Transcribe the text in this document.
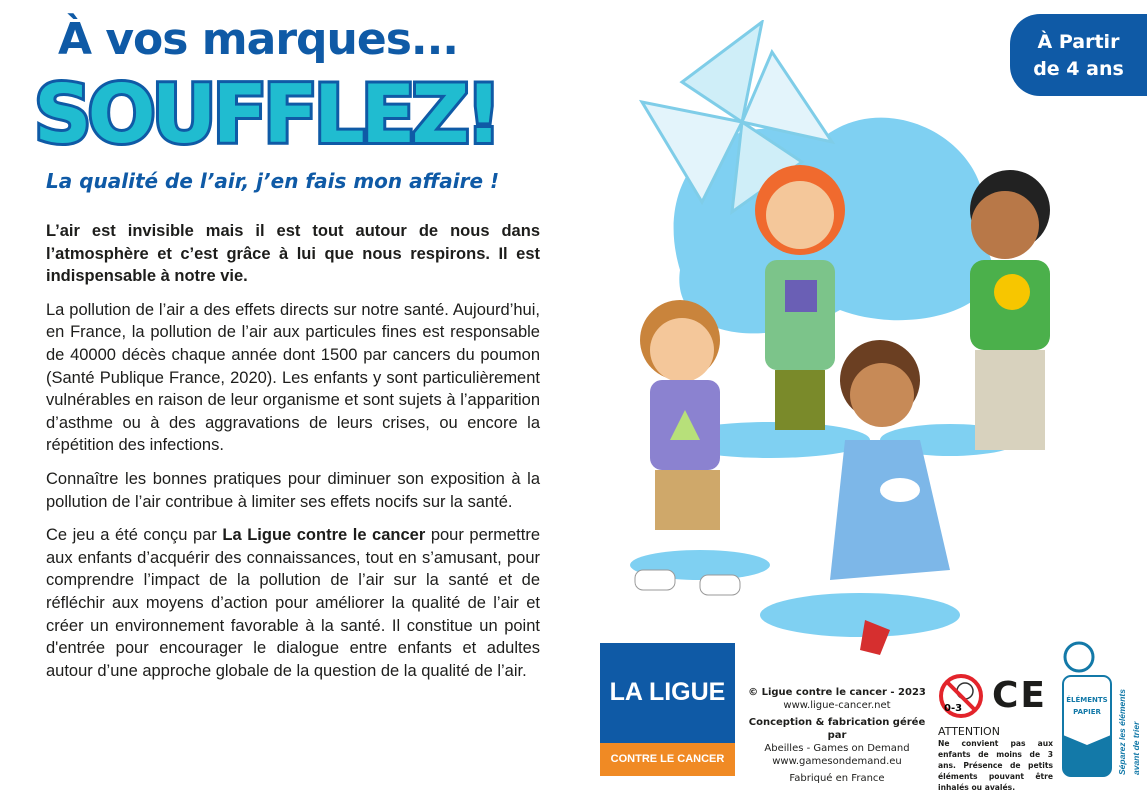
À vos marques...
SOUFFLEZ!
La qualité de l’air, j’en fais mon affaire !

L’air est invisible mais il est tout autour de nous dans l’atmosphère et c’est grâce à lui que nous respirons. Il est indispensable à notre vie.

La pollution de l’air a des effets directs sur notre santé. Aujourd’hui, en France, la pollution de l’air aux particules fines est responsable de 40000 décès chaque année dont 1500 par cancers du poumon (Santé Publique France, 2020). Les enfants y sont particulièrement vulnérables en raison de leur organisme et sont sujets à l’apparition d’asthme ou à des aggravations de leurs crises, ou encore la répétition des infections.

Connaître les bonnes pratiques pour diminuer son exposition à la pollution de l’air contribue à limiter ses effets nocifs sur la santé.

Ce jeu a été conçu par La Ligue contre le cancer pour permettre aux enfants d’acquérir des connaissances, tout en s’amusant, pour comprendre l’impact de la pollution de l’air sur la santé et de réfléchir aux moyens d’action pour améliorer la qualité de l’air et créer un environnement favorable à la santé. Il constitue un point d'entrée pour encourager le dialogue entre enfants et adultes autour d’une approche globale de la question de la qualité de l’air.

À Partir
de 4 ans
LA LIGUE
CONTRE LE CANCER

© Ligue contre le cancer - 2023
www.ligue-cancer.net

Conception & fabrication gérée par
Abeilles - Games on Demand
www.gamesondemand.eu

Fabriqué en France

0-3 CE
ATTENTION
Ne convient pas aux enfants de moins de 3 ans. Présence de petits éléments pouvant être inhalés ou avalés.
ÉLÉMENTS
PAPIER Séparez les éléments avant de trier
